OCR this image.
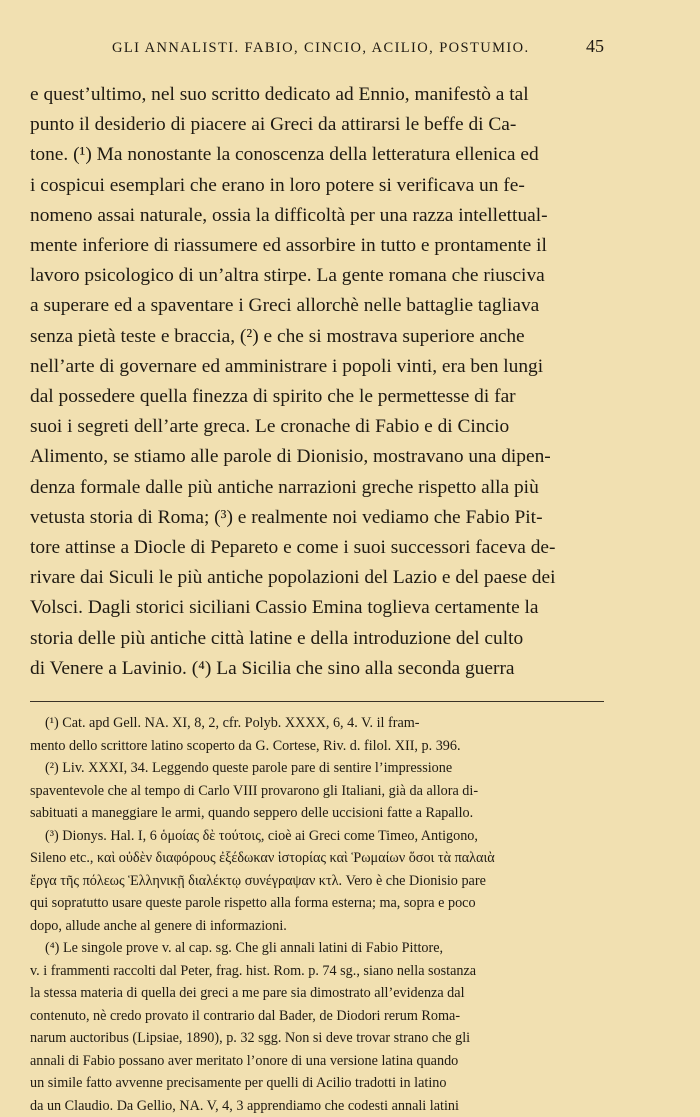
GLI ANNALISTI. FABIO, CINCIO, ACILIO, POSTUMIO.	45

e quest’ultimo, nel suo scritto dedicato ad Ennio, manifestò a tal

punto il desiderio di piacere ai Greci da attirarsi le beffe di Ca-

tone. (¹) Ma nonostante la conoscenza della letteratura ellenica ed

i cospicui esemplari che erano in loro potere si verificava un fe-

nomeno assai naturale, ossia la difficoltà per una razza intellettual-

mente inferiore di riassumere ed assorbire in tutto e prontamente il

lavoro psicologico di un’altra stirpe. La gente romana che riusciva

a superare ed a spaventare i Greci allorchè nelle battaglie tagliava

senza pietà teste e braccia, (²) e che si mostrava superiore anche

nell’arte di governare ed amministrare i popoli vinti, era ben lungi

dal possedere quella finezza di spirito che le permettesse di far

suoi i segreti dell’arte greca. Le cronache di Fabio e di Cincio

Alimento, se stiamo alle parole di Dionisio, mostravano una dipen-

denza formale dalle più antiche narrazioni greche rispetto alla più

vetusta storia di Roma; (³) e realmente noi vediamo che Fabio Pit-

tore attinse a Diocle di Pepareto e come i suoi successori faceva de-

rivare dai Siculi le più antiche popolazioni del Lazio e del paese dei

Volsci. Dagli storici siciliani Cassio Emina toglieva certamente la

storia delle più antiche città latine e della introduzione del culto

di Venere a Lavinio. (⁴) La Sicilia che sino alla seconda guerra

(¹) Cat. apd Gell. NA. XI, 8, 2, cfr. Polyb. XXXX, 6, 4. V. il fram-

mento dello scrittore latino scoperto da G. Cortese, Riv. d. filol. XII, p. 396.

(²) Liv. XXXI, 34. Leggendo queste parole pare di sentire l’impressione

spaventevole che al tempo di Carlo VIII provarono gli Italiani, già da allora di-

sabituati a maneggiare le armi, quando seppero delle uccisioni fatte a Rapallo.

(³) Dionys. Hal. I, 6 ὁμοίας δὲ τούτοις, cioè ai Greci come Timeo, Antigono,

Sileno etc., καὶ οὐδὲν διαφόρους ἐξέδωκαν ἱστορίας καὶ Ῥωμαίων ὅσοι τὰ παλαιὰ

ἔργα τῆς πόλεως Ἑλληνικῇ διαλέκτῳ συνέγραψαν κτλ. Vero è che Dionisio pare

qui sopratutto usare queste parole rispetto alla forma esterna; ma, sopra e poco

dopo, allude anche al genere di informazioni.

(⁴) Le singole prove v. al cap. sg. Che gli annali latini di Fabio Pittore,

v. i frammenti raccolti dal Peter, frag. hist. Rom. p. 74 sg., siano nella sostanza

la stessa materia di quella dei greci a me pare sia dimostrato all’evidenza dal

contenuto, nè credo provato il contrario dal Bader, de Diodori rerum Roma-

narum auctoribus (Lipsiae, 1890), p. 32 sgg. Non si deve trovar strano che gli

annali di Fabio possano aver meritato l’onore di una versione latina quando

un simile fatto avvenne precisamente per quelli di Acilio tradotti in latino

da un Claudio. Da Gellio, NA. V, 4, 3 apprendiamo che codesti annali latini
